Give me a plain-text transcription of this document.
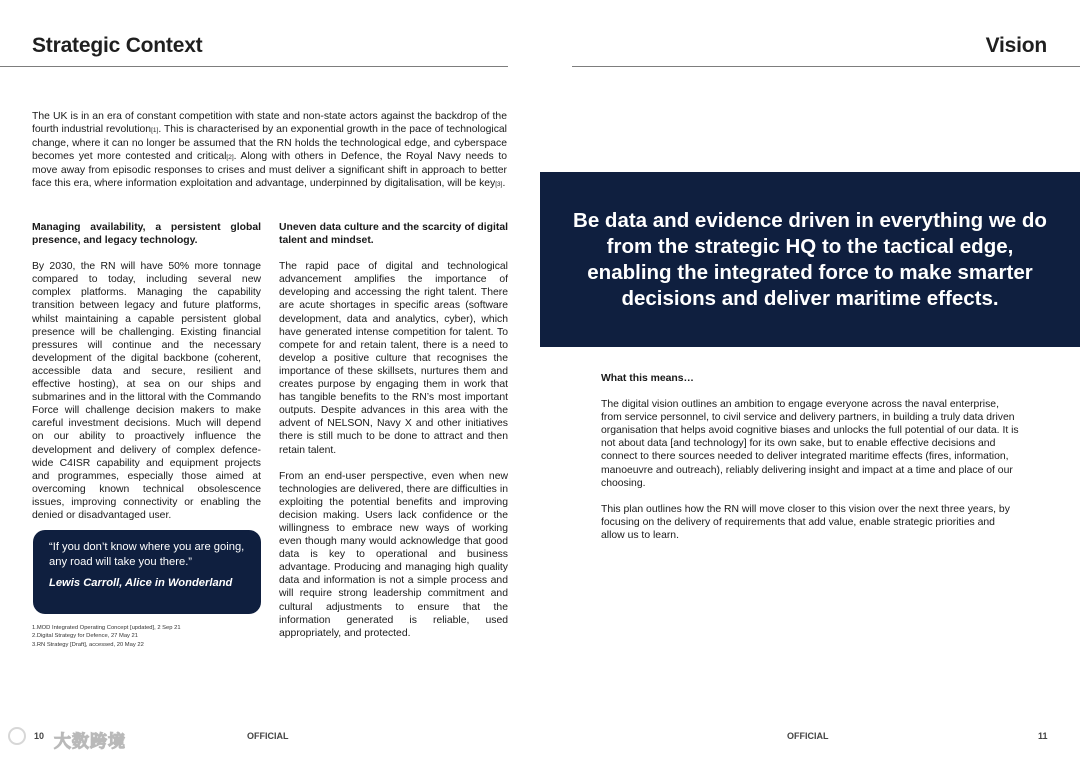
Strategic Context
The UK is in an era of constant competition with state and non-state actors against the backdrop of the fourth industrial revolution[1]. This is characterised by an exponential growth in the pace of technological change, where it can no longer be assumed that the RN holds the technological edge, and cyberspace becomes yet more contested and critical[2]. Along with others in Defence, the Royal Navy needs to move away from episodic responses to crises and must deliver a significant shift in approach to better face this era, where information exploitation and advantage, underpinned by digitalisation, will be key[3].
Managing availability, a persistent global presence, and legacy technology.

By 2030, the RN will have 50% more tonnage compared to today, including several new complex platforms. Managing the capability transition between legacy and future platforms, whilst maintaining a capable persistent global presence will be challenging. Existing financial pressures will continue and the necessary development of the digital backbone (coherent, accessible data and secure, resilient and effective hosting), at sea on our ships and submarines and in the littoral with the Commando Force will challenge decision makers to make careful investment decisions. Much will depend on our ability to proactively influence the development and delivery of complex defence-wide C4ISR capability and equipment projects and programmes, especially those aimed at overcoming known technical obsolescence issues, improving connectivity or enabling the denied or disadvantaged user.

Uneven data culture and the scarcity of digital talent and mindset.

The rapid pace of digital and technological advancement amplifies the importance of developing and accessing the right talent. There are acute shortages in specific areas (software development, data and analytics, cyber), which have generated intense competition for talent. To compete for and retain talent, there is a need to develop a positive culture that recognises the importance of these skillsets, nurtures them and creates purpose by engaging them in work that has tangible benefits to the RN’s most important outputs. Despite advances in this area with the advent of NELSON, Navy X and other initiatives there is still much to be done to attract and then retain talent.

From an end-user perspective, even when new technologies are delivered, there are difficulties in exploiting the potential benefits and improving decision making. Users lack confidence or the willingness to embrace new ways of working even though many would acknowledge that good data is key to operational and business advantage. Producing and managing high quality data and information is not a simple process and will require strong leadership commitment and cultural adjustments to ensure that the information generated is reliable, used appropriately, and protected.

“If you don’t know where you are going, any road will take you there.”
Lewis Carroll, Alice in Wonderland
1.MOD Integrated Operating Concept [updated], 2 Sep 21
2.Digital Strategy for Defence, 27 May 21
3.RN Strategy [Draft], accessed, 20 May 22
10	OFFICIAL
大数跨境
Vision
Be data and evidence driven in everything we do from the strategic HQ to the tactical edge, enabling the integrated force to make smarter decisions and deliver maritime effects.
What this means…

The digital vision outlines an ambition to engage everyone across the naval enterprise, from service personnel, to civil service and delivery partners, in building a truly data driven organisation that helps avoid cognitive biases and unlocks the full potential of our data. It is not about data [and technology] for its own sake, but to enable effective decisions and connect to there sources needed to deliver integrated maritime effects (fires, information, manoeuvre and outreach), reliably delivering insight and impact at a time and place of our choosing.

This plan outlines how the RN will move closer to this vision over the next three years, by focusing on the delivery of requirements that add value, enable strategic priorities and allow us to learn.

OFFICIAL	11
